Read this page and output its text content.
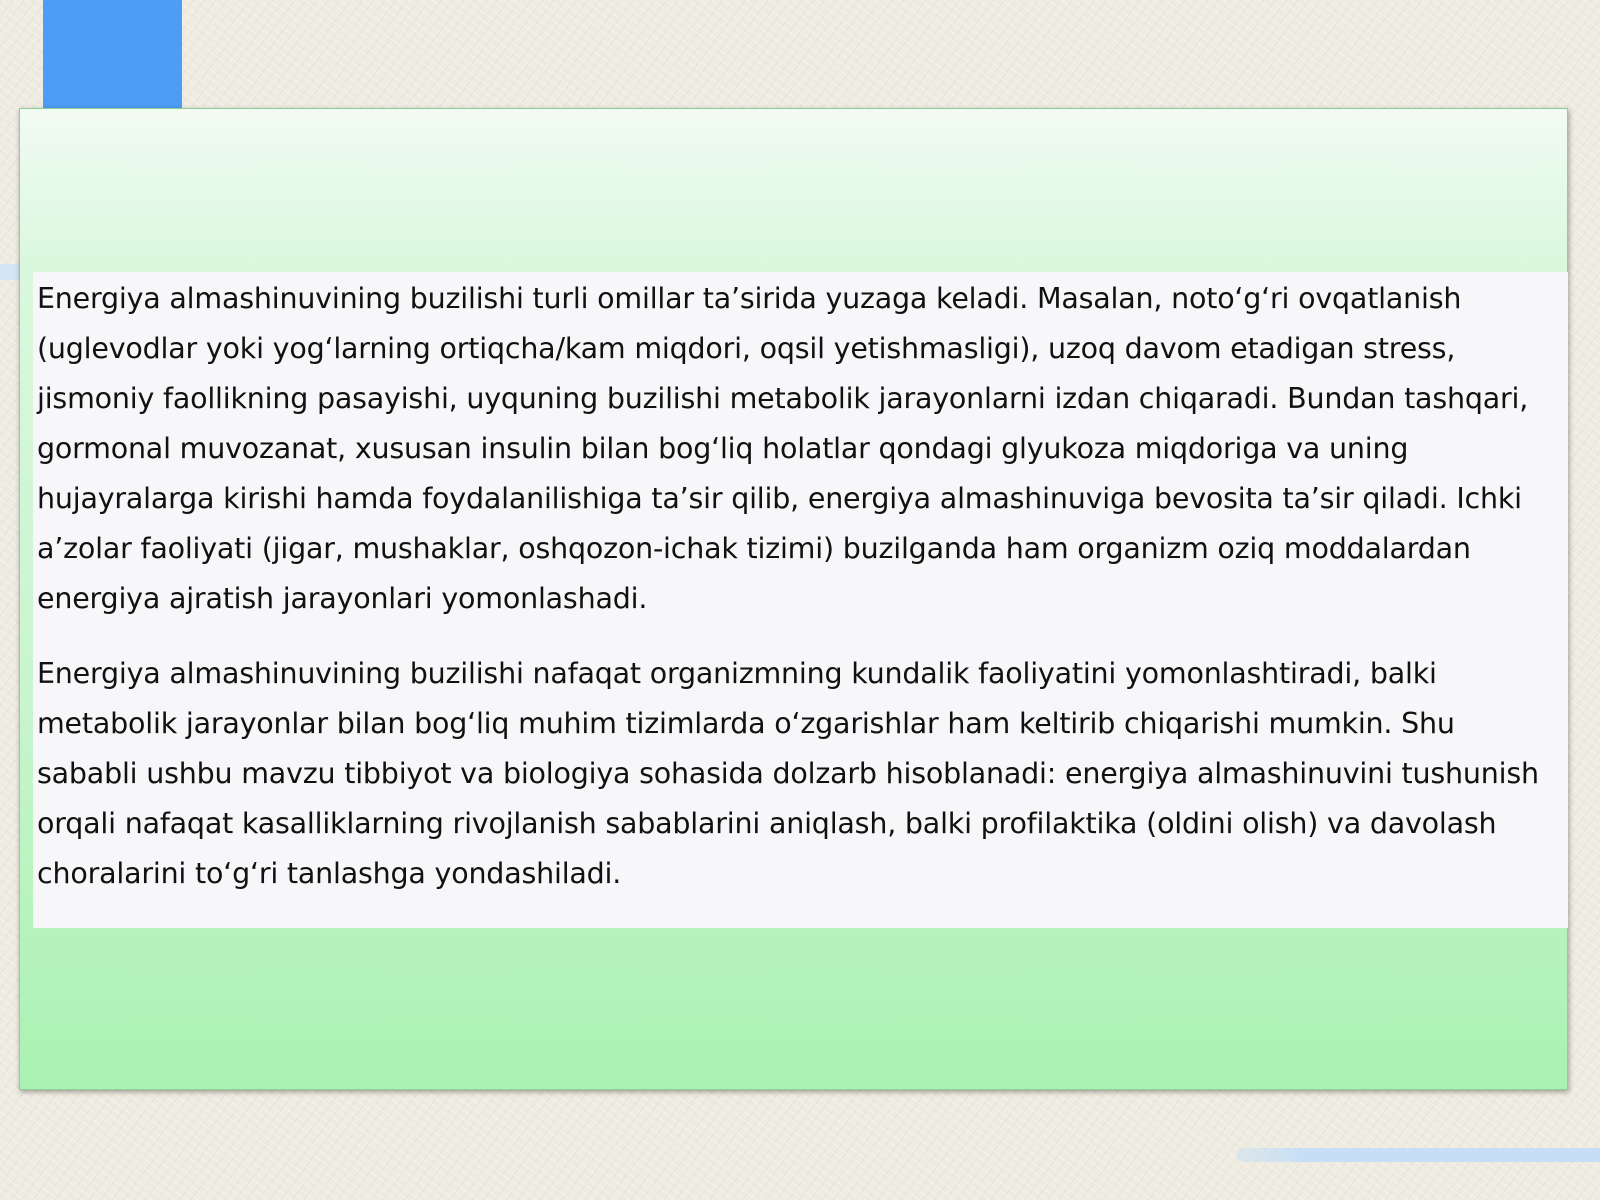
Energiya almashinuvining buzilishi turli omillar ta’sirida yuzaga keladi. Masalan, noto‘g‘ri ovqatlanish (uglevodlar yoki yog‘larning ortiqcha/kam miqdori, oqsil yetishmasligi), uzoq davom etadigan stress, jismoniy faollikning pasayishi, uyquning buzilishi metabolik jarayonlarni izdan chiqaradi. Bundan tashqari, gormonal muvozanat, xususan insulin bilan bog‘liq holatlar qondagi glyukoza miqdoriga va uning hujayralarga kirishi hamda foydalanilishiga ta’sir qilib, energiya almashinuviga bevosita ta’sir qiladi. Ichki a’zolar faoliyati (jigar, mushaklar, oshqozon-ichak tizimi) buzilganda ham organizm oziq moddalardan energiya ajratish jarayonlari yomonlashadi.

Energiya almashinuvining buzilishi nafaqat organizmning kundalik faoliyatini yomonlashtiradi, balki metabolik jarayonlar bilan bog‘liq muhim tizimlarda o‘zgarishlar ham keltirib chiqarishi mumkin. Shu sababli ushbu mavzu tibbiyot va biologiya sohasida dolzarb hisoblanadi: energiya almashinuvini tushunish orqali nafaqat kasalliklarning rivojlanish sabablarini aniqlash, balki profilaktika (oldini olish) va davolash choralarini to‘g‘ri tanlashga yondashiladi.
